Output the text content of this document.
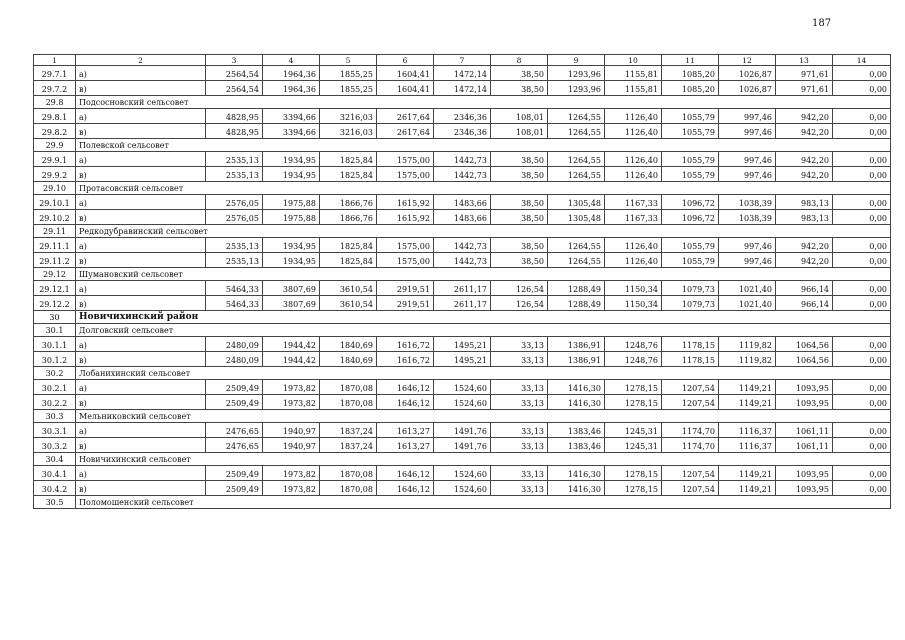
187
1	2	3	4	5	6	7	8	9	10	11	12	13	14
29.7.1	а)	2564,54	1964,36	1855,25	1604,41	1472,14	38,50	1293,96	1155,81	1085,20	1026,87	971,61	0,00
29.7.2	в)	2564,54	1964,36	1855,25	1604,41	1472,14	38,50	1293,96	1155,81	1085,20	1026,87	971,61	0,00
29.8	Подсосновский сельсовет												
29.8.1	а)	4828,95	3394,66	3216,03	2617,64	2346,36	108,01	1264,55	1126,40	1055,79	997,46	942,20	0,00
29.8.2	в)	4828,95	3394,66	3216,03	2617,64	2346,36	108,01	1264,55	1126,40	1055,79	997,46	942,20	0,00
29.9	Полевской сельсовет												
29.9.1	а)	2535,13	1934,95	1825,84	1575,00	1442,73	38,50	1264,55	1126,40	1055,79	997,46	942,20	0,00
29.9.2	в)	2535,13	1934,95	1825,84	1575,00	1442,73	38,50	1264,55	1126,40	1055,79	997,46	942,20	0,00
29.10	Протасовский сельсовет												
29.10.1	а)	2576,05	1975,88	1866,76	1615,92	1483,66	38,50	1305,48	1167,33	1096,72	1038,39	983,13	0,00
29.10.2	в)	2576,05	1975,88	1866,76	1615,92	1483,66	38,50	1305,48	1167,33	1096,72	1038,39	983,13	0,00
29.11	Редкодубравинский сельсовет												
29.11.1	а)	2535,13	1934,95	1825,84	1575,00	1442,73	38,50	1264,55	1126,40	1055,79	997,46	942,20	0,00
29.11.2	в)	2535,13	1934,95	1825,84	1575,00	1442,73	38,50	1264,55	1126,40	1055,79	997,46	942,20	0,00
29.12	Шумановский сельсовет												
29.12.1	а)	5464,33	3807,69	3610,54	2919,51	2611,17	126,54	1288,49	1150,34	1079,73	1021,40	966,14	0,00
29.12.2	в)	5464,33	3807,69	3610,54	2919,51	2611,17	126,54	1288,49	1150,34	1079,73	1021,40	966,14	0,00
30	Новичихинский район												
30.1	Долговский сельсовет												
30.1.1	а)	2480,09	1944,42	1840,69	1616,72	1495,21	33,13	1386,91	1248,76	1178,15	1119,82	1064,56	0,00
30.1.2	в)	2480,09	1944,42	1840,69	1616,72	1495,21	33,13	1386,91	1248,76	1178,15	1119,82	1064,56	0,00
30.2	Лобанихинский сельсовет												
30.2.1	а)	2509,49	1973,82	1870,08	1646,12	1524,60	33,13	1416,30	1278,15	1207,54	1149,21	1093,95	0,00
30.2.2	в)	2509,49	1973,82	1870,08	1646,12	1524,60	33,13	1416,30	1278,15	1207,54	1149,21	1093,95	0,00
30.3	Мельниковский сельсовет												
30.3.1	а)	2476,65	1940,97	1837,24	1613,27	1491,76	33,13	1383,46	1245,31	1174,70	1116,37	1061,11	0,00
30.3.2	в)	2476,65	1940,97	1837,24	1613,27	1491,76	33,13	1383,46	1245,31	1174,70	1116,37	1061,11	0,00
30.4	Новичихинский сельсовет												
30.4.1	а)	2509,49	1973,82	1870,08	1646,12	1524,60	33,13	1416,30	1278,15	1207,54	1149,21	1093,95	0,00
30.4.2	в)	2509,49	1973,82	1870,08	1646,12	1524,60	33,13	1416,30	1278,15	1207,54	1149,21	1093,95	0,00
30.5	Поломошенский сельсовет												
